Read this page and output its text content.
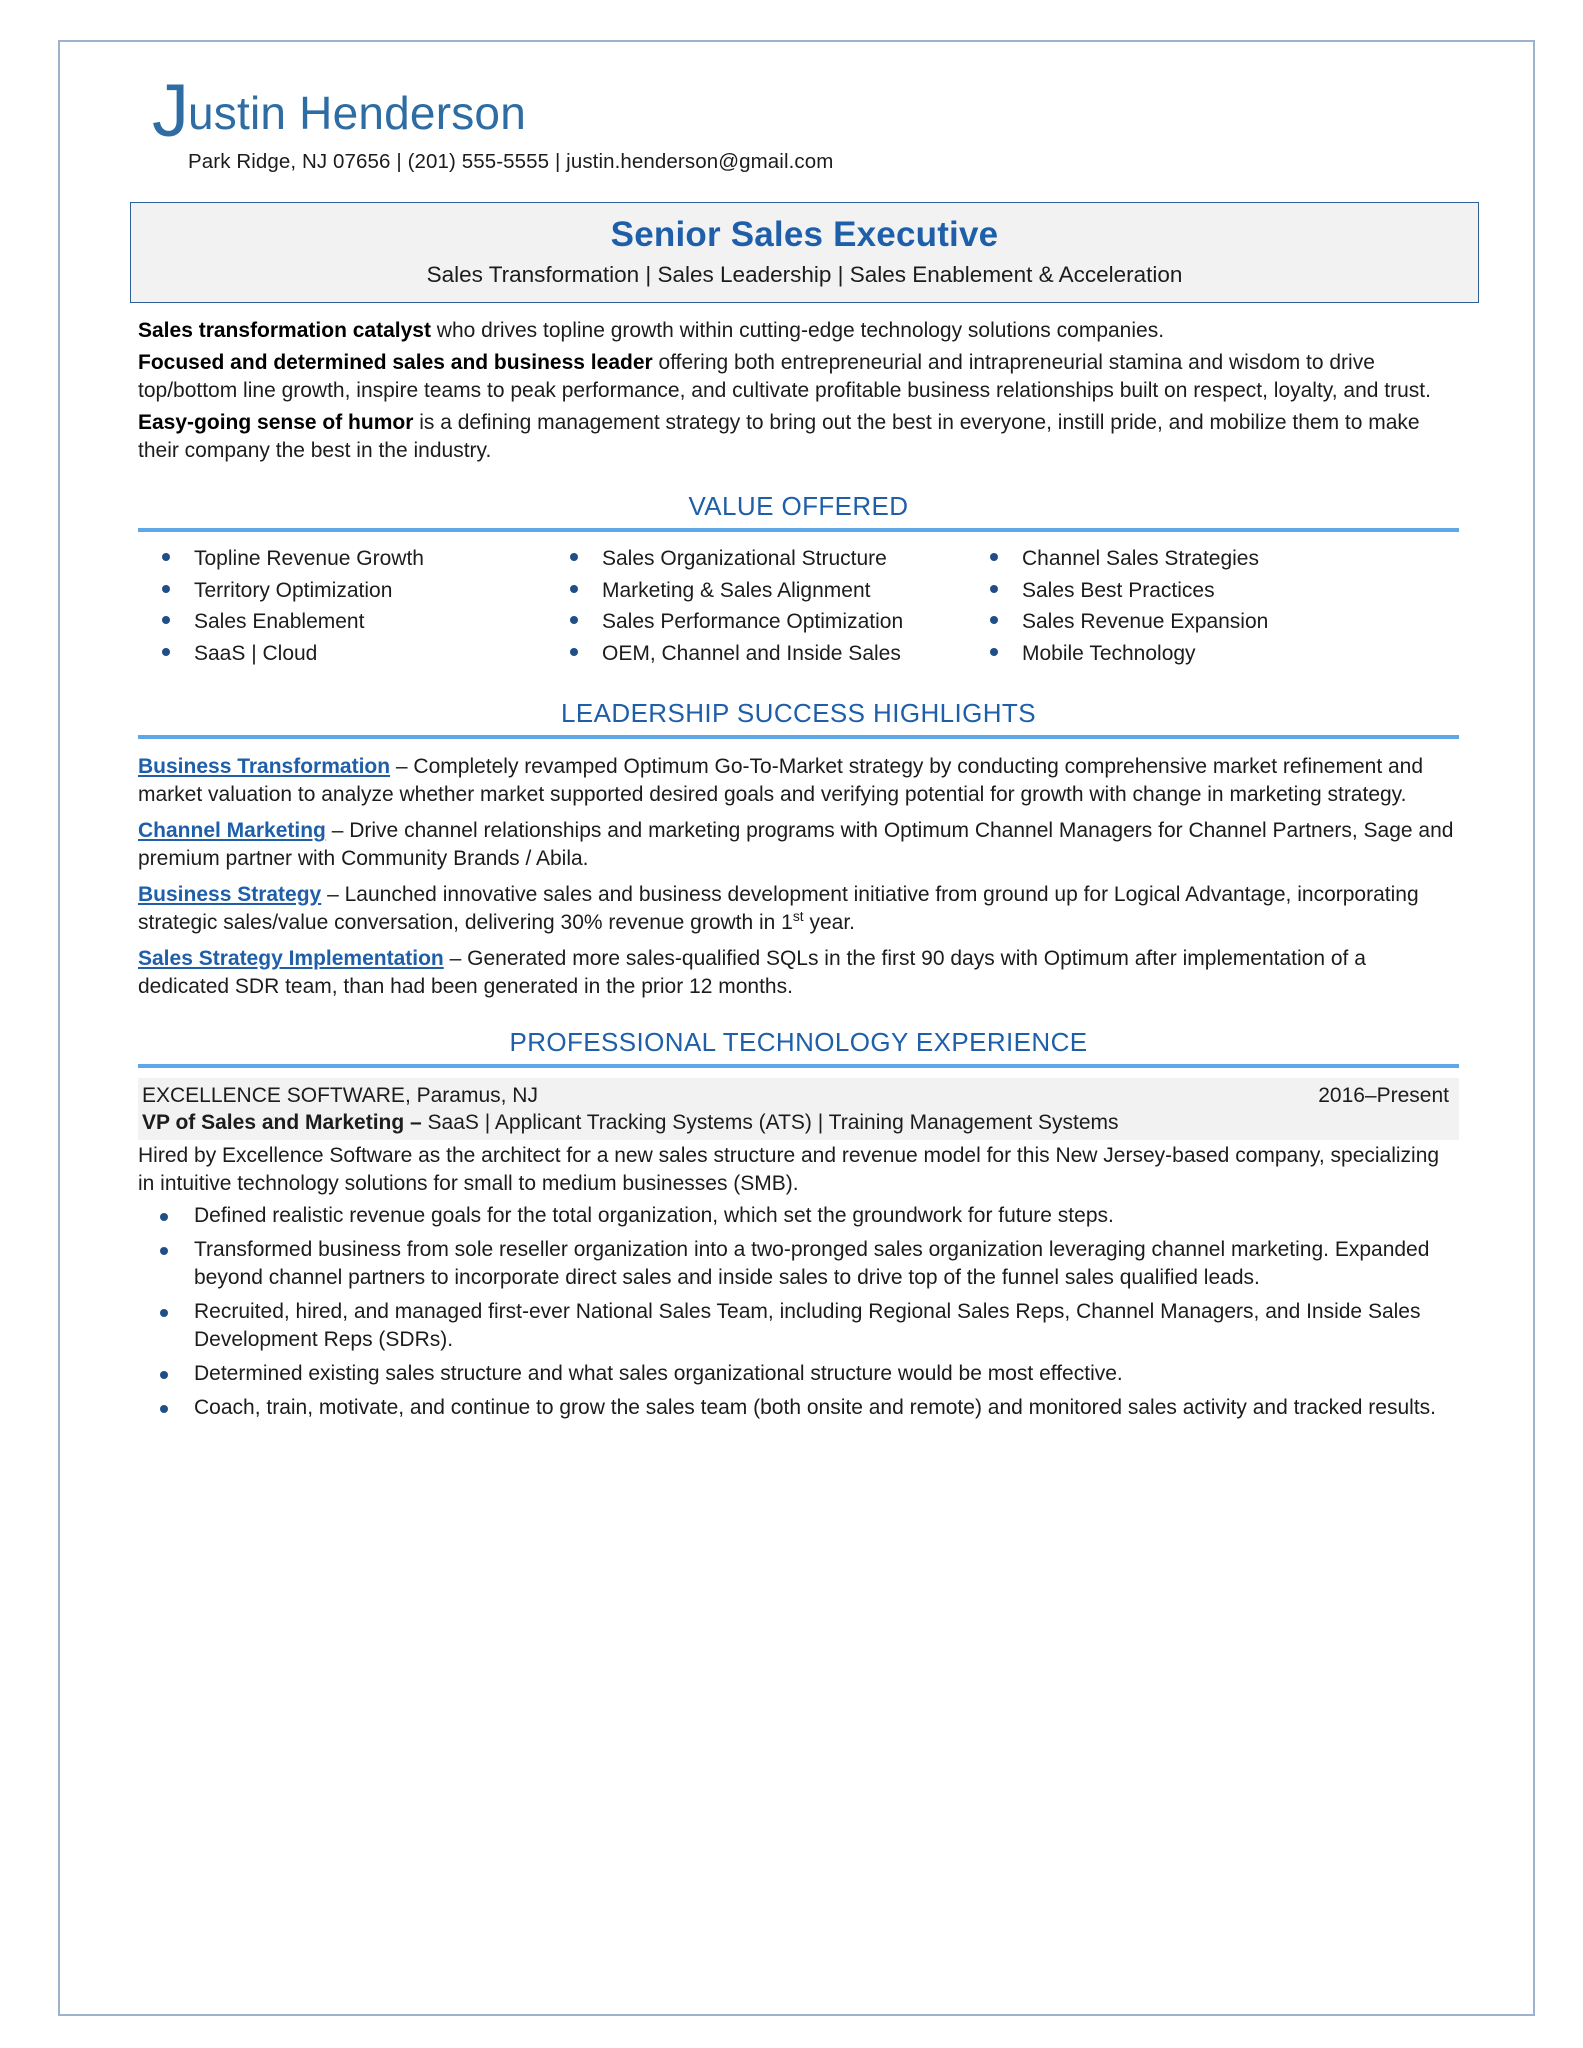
J ustin Henderson
Park Ridge, NJ 07656 | (201) 555-5555 | justin.henderson@gmail.com
Senior Sales Executive
Sales Transformation | Sales Leadership | Sales Enablement & Acceleration

Sales transformation catalyst who drives topline growth within cutting-edge technology solutions companies.

Focused and determined sales and business leader offering both entrepreneurial and intrapreneurial stamina and wisdom to drive top/bottom line growth, inspire teams to peak performance, and cultivate profitable business relationships built on respect, loyalty, and trust.

Easy-going sense of humor is a defining management strategy to bring out the best in everyone, instill pride, and mobilize them to make their company the best in the industry.

VALUE OFFERED
Topline Revenue Growth
Territory Optimization
Sales Enablement
SaaS | Cloud
Sales Organizational Structure
Marketing & Sales Alignment
Sales Performance Optimization
OEM, Channel and Inside Sales
Channel Sales Strategies
Sales Best Practices
Sales Revenue Expansion
Mobile Technology
LEADERSHIP SUCCESS HIGHLIGHTS
Business Transformation – Completely revamped Optimum Go-To-Market strategy by conducting comprehensive market refinement and market valuation to analyze whether market supported desired goals and verifying potential for growth with change in marketing strategy.
Channel Marketing – Drive channel relationships and marketing programs with Optimum Channel Managers for Channel Partners, Sage and premium partner with Community Brands / Abila.
Business Strategy – Launched innovative sales and business development initiative from ground up for Logical Advantage, incorporating strategic sales/value conversation, delivering 30% revenue growth in 1st year.
Sales Strategy Implementation – Generated more sales-qualified SQLs in the first 90 days with Optimum after implementation of a dedicated SDR team, than had been generated in the prior 12 months.
PROFESSIONAL TECHNOLOGY EXPERIENCE
EXCELLENCE SOFTWARE, Paramus, NJ	2016–Present
VP of Sales and Marketing – SaaS | Applicant Tracking Systems (ATS) | Training Management Systems
Hired by Excellence Software as the architect for a new sales structure and revenue model for this New Jersey-based company, specializing in intuitive technology solutions for small to medium businesses (SMB).
Defined realistic revenue goals for the total organization, which set the groundwork for future steps.
Transformed business from sole reseller organization into a two-pronged sales organization leveraging channel marketing. Expanded beyond channel partners to incorporate direct sales and inside sales to drive top of the funnel sales qualified leads.
Recruited, hired, and managed first-ever National Sales Team, including Regional Sales Reps, Channel Managers, and Inside Sales Development Reps (SDRs).
Determined existing sales structure and what sales organizational structure would be most effective.
Coach, train, motivate, and continue to grow the sales team (both onsite and remote) and monitored sales activity and tracked results.
